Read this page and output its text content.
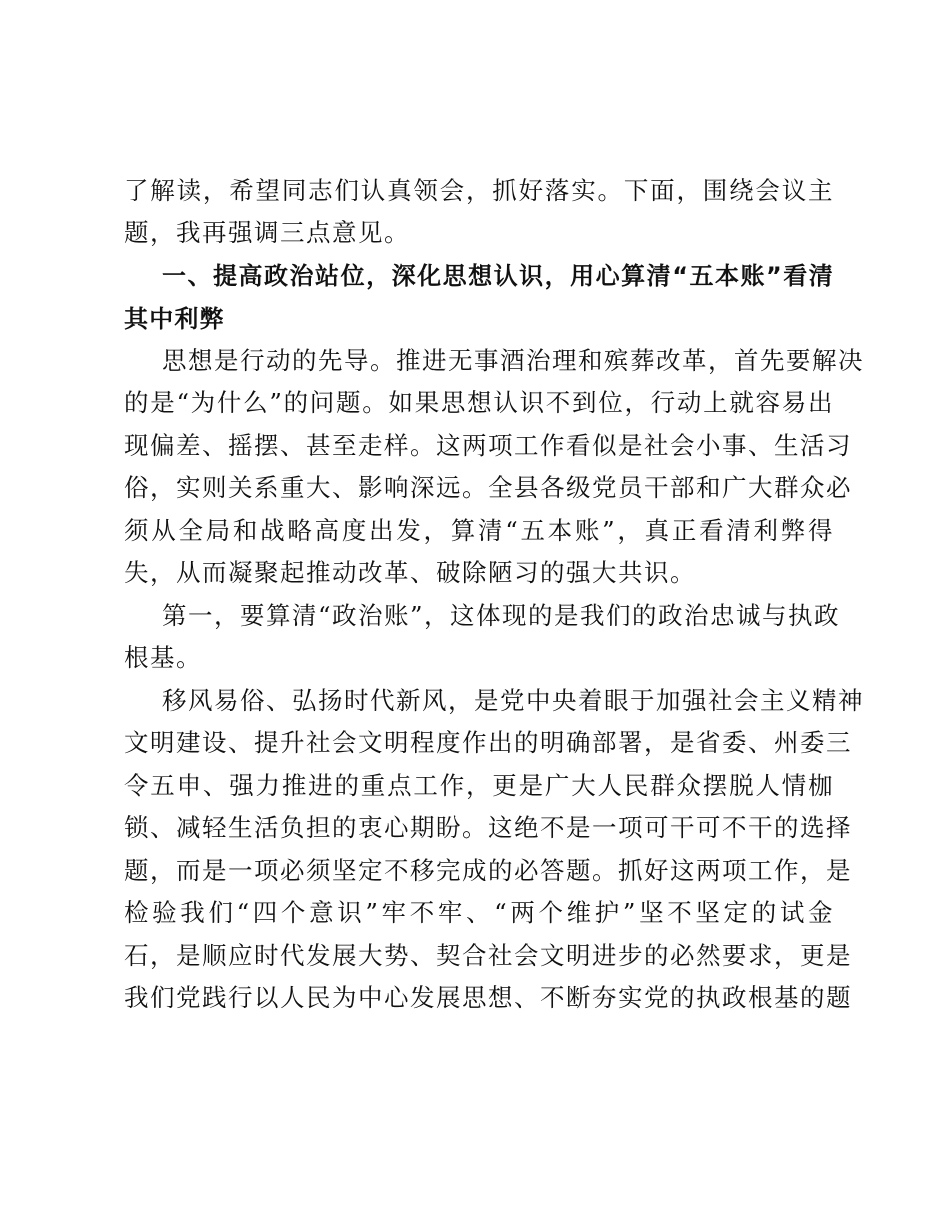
了解读，希望同志们认真领会，抓好落实。下面，围绕会议主
题，我再强调三点意见。
一、提高政治站位，深化思想认识，用心算清“五本账”看清
其中利弊
思想是行动的先导。推进无事酒治理和殡葬改革，首先要解决
的是“为什么”的问题。如果思想认识不到位，行动上就容易出
现偏差、摇摆、甚至走样。这两项工作看似是社会小事、生活习
俗，实则关系重大、影响深远。全县各级党员干部和广大群众必
须从全局和战略高度出发，算清“五本账”，真正看清利弊得
失，从而凝聚起推动改革、破除陋习的强大共识。
第一，要算清“政治账”，这体现的是我们的政治忠诚与执政
根基。
移风易俗、弘扬时代新风，是党中央着眼于加强社会主义精神
文明建设、提升社会文明程度作出的明确部署，是省委、州委三
令五申、强力推进的重点工作，更是广大人民群众摆脱人情枷
锁、减轻生活负担的衷心期盼。这绝不是一项可干可不干的选择
题，而是一项必须坚定不移完成的必答题。抓好这两项工作，是
检验我们“四个意识”牢不牢、“两个维护”坚不坚定的试金
石，是顺应时代发展大势、契合社会文明进步的必然要求，更是
我们党践行以人民为中心发展思想、不断夯实党的执政根基的题
